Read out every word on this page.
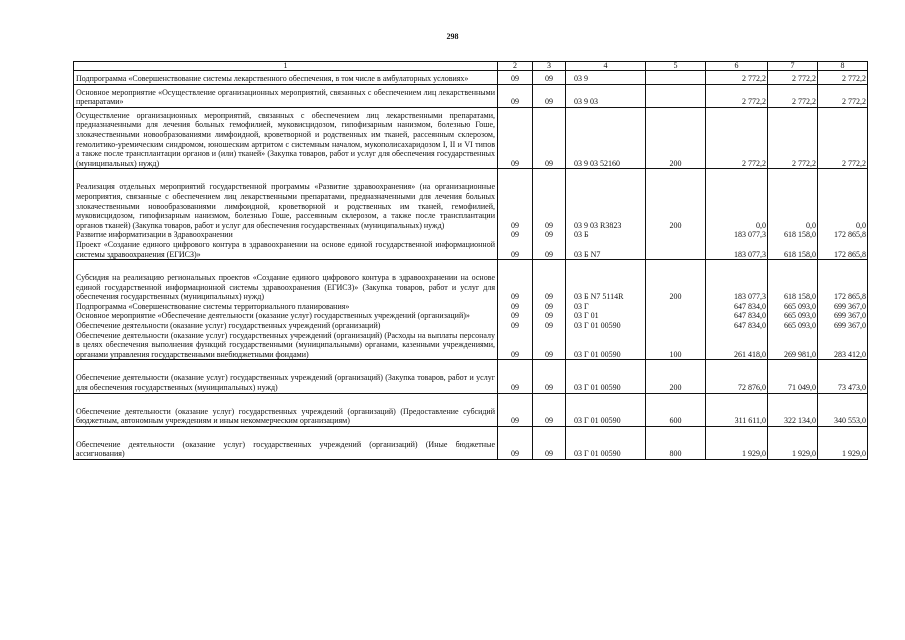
298
1	2	3	4	5	6	7	8
Подпрограмма «Совершенствование системы лекарственного обеспечения, в том числе в амбулаторных условиях»	09	09	03 9		2 772,2	2 772,2	2 772,2
Основное мероприятие «Осуществление организационных мероприятий, связанных с обеспечением лиц лекарственными препаратами»	09	09	03 9 03		2 772,2	2 772,2	2 772,2
Осуществление организационных мероприятий, связанных с обеспечением лиц лекарственными препаратами, предназначенными для лечения больных гемофилией, муковисцидозом, гипофизарным нанизмом, болезнью Гоше, злокачественными новообразованиями лимфоидной, кроветворной и родственных им тканей, рассеянным склерозом, гемолитико-уремическим синдромом, юношеским артритом с системным началом, мукополисахаридозом I, II и VI типов а также после трансплантации органов и (или) тканей» (Закупка товаров, работ и услуг для обеспечения государственных (муниципальных) нужд)	09	09	03 9 03 52160	200	2 772,2	2 772,2	2 772,2
Реализация отдельных мероприятий государственной программы «Развитие здравоохранения» (на организационные мероприятия, связанные с обеспечением лиц лекарственными препаратами, предназначенными для лечения больных злокачественными новообразованиями лимфоидной, кроветворной и родственных им тканей, гемофилией, муковисцидозом, гипофизарным нанизмом, болезнью Гоше, рассеянным склерозом, а также после трансплантации органов тканей) (Закупка товаров, работ и услуг для обеспечения государственных (муниципальных) нужд)	09	09	03 9 03 R3823	200	0,0	0,0	0,0
Развитие информатизации в Здравоохранении	09	09	03 Б		183 077,3	618 158,0	172 865,8
Проект «Создание единого цифрового контура в здравоохранении на основе единой государственной информационной системы здравоохранения (ЕГИСЗ)»	09	09	03 Б N7		183 077,3	618 158,0	172 865,8
Субсидия на реализацию региональных проектов «Создание единого цифрового контура в здравоохранении на основе единой государственной информационной системы здравоохранения (ЕГИСЗ)» (Закупка товаров, работ и услуг для обеспечения государственных (муниципальных) нужд)	09	09	03 Б N7 5114R	200	183 077,3	618 158,0	172 865,8
Подпрограмма «Совершенствование системы территориального планирования»	09	09	03 Г		647 834,0	665 093,0	699 367,0
Основное мероприятие «Обеспечение деятельности (оказание услуг) государственных учреждений (организаций)»	09	09	03 Г 01		647 834,0	665 093,0	699 367,0
Обеспечение деятельности (оказание услуг) государственных учреждений (организаций)	09	09	03 Г 01 00590		647 834,0	665 093,0	699 367,0
Обеспечение деятельности (оказание услуг) государственных учреждений (организаций) (Расходы на выплаты персоналу в целях обеспечения выполнения функций государственными (муниципальными) органами, казенными учреждениями, органами управления государственными внебюджетными фондами)	09	09	03 Г 01 00590	100	261 418,0	269 981,0	283 412,0
Обеспечение деятельности (оказание услуг) государственных учреждений (организаций) (Закупка товаров, работ и услуг для обеспечения государственных (муниципальных) нужд)	09	09	03 Г 01 00590	200	72 876,0	71 049,0	73 473,0
Обеспечение деятельности (оказание услуг) государственных учреждений (организаций) (Предоставление субсидий бюджетным, автономным учреждениям и иным некоммерческим организациям)	09	09	03 Г 01 00590	600	311 611,0	322 134,0	340 553,0
Обеспечение деятельности (оказание услуг) государственных учреждений (организаций) (Иные бюджетные ассигнования)	09	09	03 Г 01 00590	800	1 929,0	1 929,0	1 929,0
